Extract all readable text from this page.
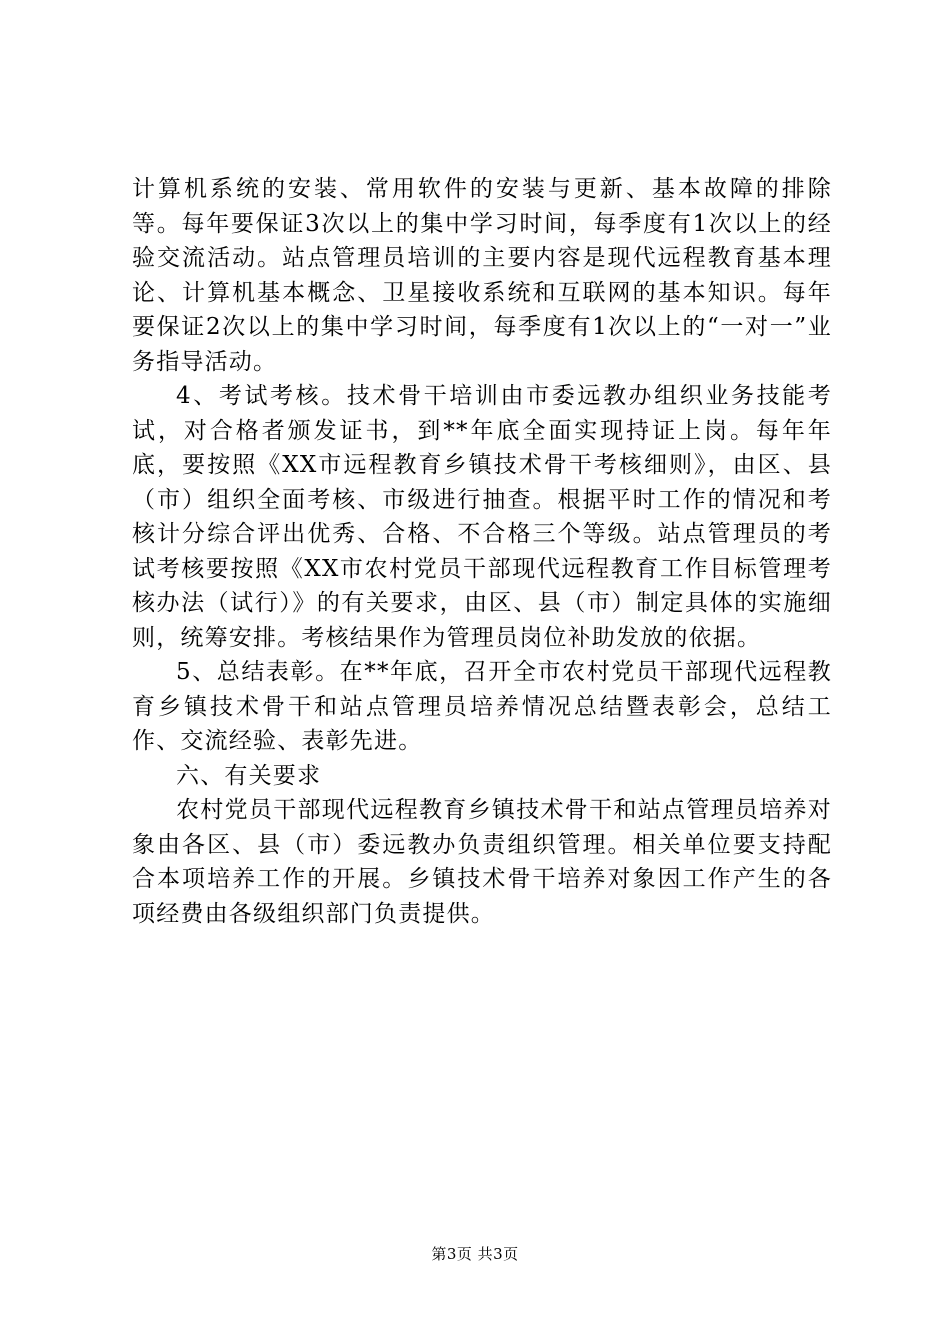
计算机系统的安装、常用软件的安装与更新、基本故障的排除等。每年要保证3次以上的集中学习时间，每季度有1次以上的经验交流活动。站点管理员培训的主要内容是现代远程教育基本理论、计算机基本概念、卫星接收系统和互联网的基本知识。每年要保证2次以上的集中学习时间，每季度有1次以上的“一对一”业务指导活动。

4、考试考核。技术骨干培训由市委远教办组织业务技能考试，对合格者颁发证书，到**年底全面实现持证上岗。每年年底，要按照《XX市远程教育乡镇技术骨干考核细则》，由区、县（市）组织全面考核、市级进行抽查。根据平时工作的情况和考核计分综合评出优秀、合格、不合格三个等级。站点管理员的考试考核要按照《XX市农村党员干部现代远程教育工作目标管理考核办法（试行）》的有关要求，由区、县（市）制定具体的实施细则，统筹安排。考核结果作为管理员岗位补助发放的依据。

5、总结表彰。在**年底，召开全市农村党员干部现代远程教育乡镇技术骨干和站点管理员培养情况总结暨表彰会，总结工作、交流经验、表彰先进。

六、有关要求

农村党员干部现代远程教育乡镇技术骨干和站点管理员培养对象由各区、县（市）委远教办负责组织管理。相关单位要支持配合本项培养工作的开展。乡镇技术骨干培养对象因工作产生的各项经费由各级组织部门负责提供。

第3页 共3页
